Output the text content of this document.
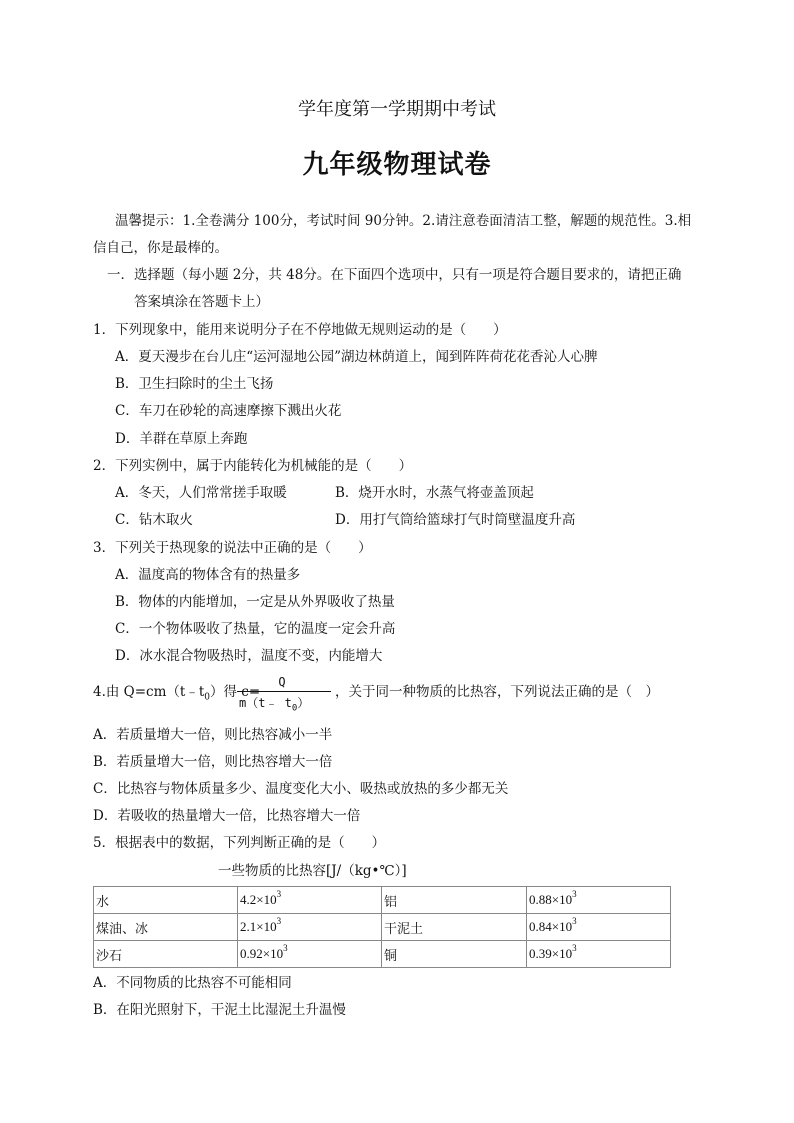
学年度第一学期期中考试
九年级物理试卷
温馨提示：1.全卷满分 100分，考试时间 90分钟。2.请注意卷面清洁工整，解题的规范性。3.相
信自己，你是最棒的。
一．选择题（每小题 2分，共 48分。在下面四个选项中，只有一项是符合题目要求的，请把正确
答案填涂在答题卡上）
1．下列现象中，能用来说明分子在不停地做无规则运动的是（　　）
A．夏天漫步在台儿庄“运河湿地公园”湖边林荫道上，闻到阵阵荷花花香沁人心脾
B．卫生扫除时的尘土飞扬
C．车刀在砂轮的高速摩擦下溅出火花
D．羊群在草原上奔跑
2．下列实例中，属于内能转化为机械能的是（　　）
A．冬天，人们常常搓手取暖	B．烧开水时，水蒸气将壶盖顶起
C．钻木取火	D．用打气筒给篮球打气时筒壁温度升高
3．下列关于热现象的说法中正确的是（　　）
A．温度高的物体含有的热量多
B．物体的内能增加，一定是从外界吸收了热量
C．一个物体吸收了热量，它的温度一定会升高
D．冰水混合物吸热时，温度不变，内能增大
4.由 $Q=cm(t﹣t_0)$得 c=
Q
m（t﹣ $t_0$）
，关于同一种物质的比热容，下列说法正确的是（　）
A．若质量增大一倍，则比热容减小一半
B．若质量增大一倍，则比热容增大一倍
C．比热容与物体质量多少、温度变化大小、吸热或放热的多少都无关
D．若吸收的热量增大一倍，比热容增大一倍
5．根据表中的数据，下列判断正确的是（　　）
一些物质的比热容[J/（kg•℃）]
水	$4.2\times 10^3$	铝	$0.88\times 10^3$
煤油、冰	$2.1\times 10^3$	干泥土	$0.84\times 10^3$
沙石	$0.92\times 10^3$	铜	$0.39\times 10^3$
A．不同物质的比热容不可能相同
B．在阳光照射下，干泥土比湿泥土升温慢
